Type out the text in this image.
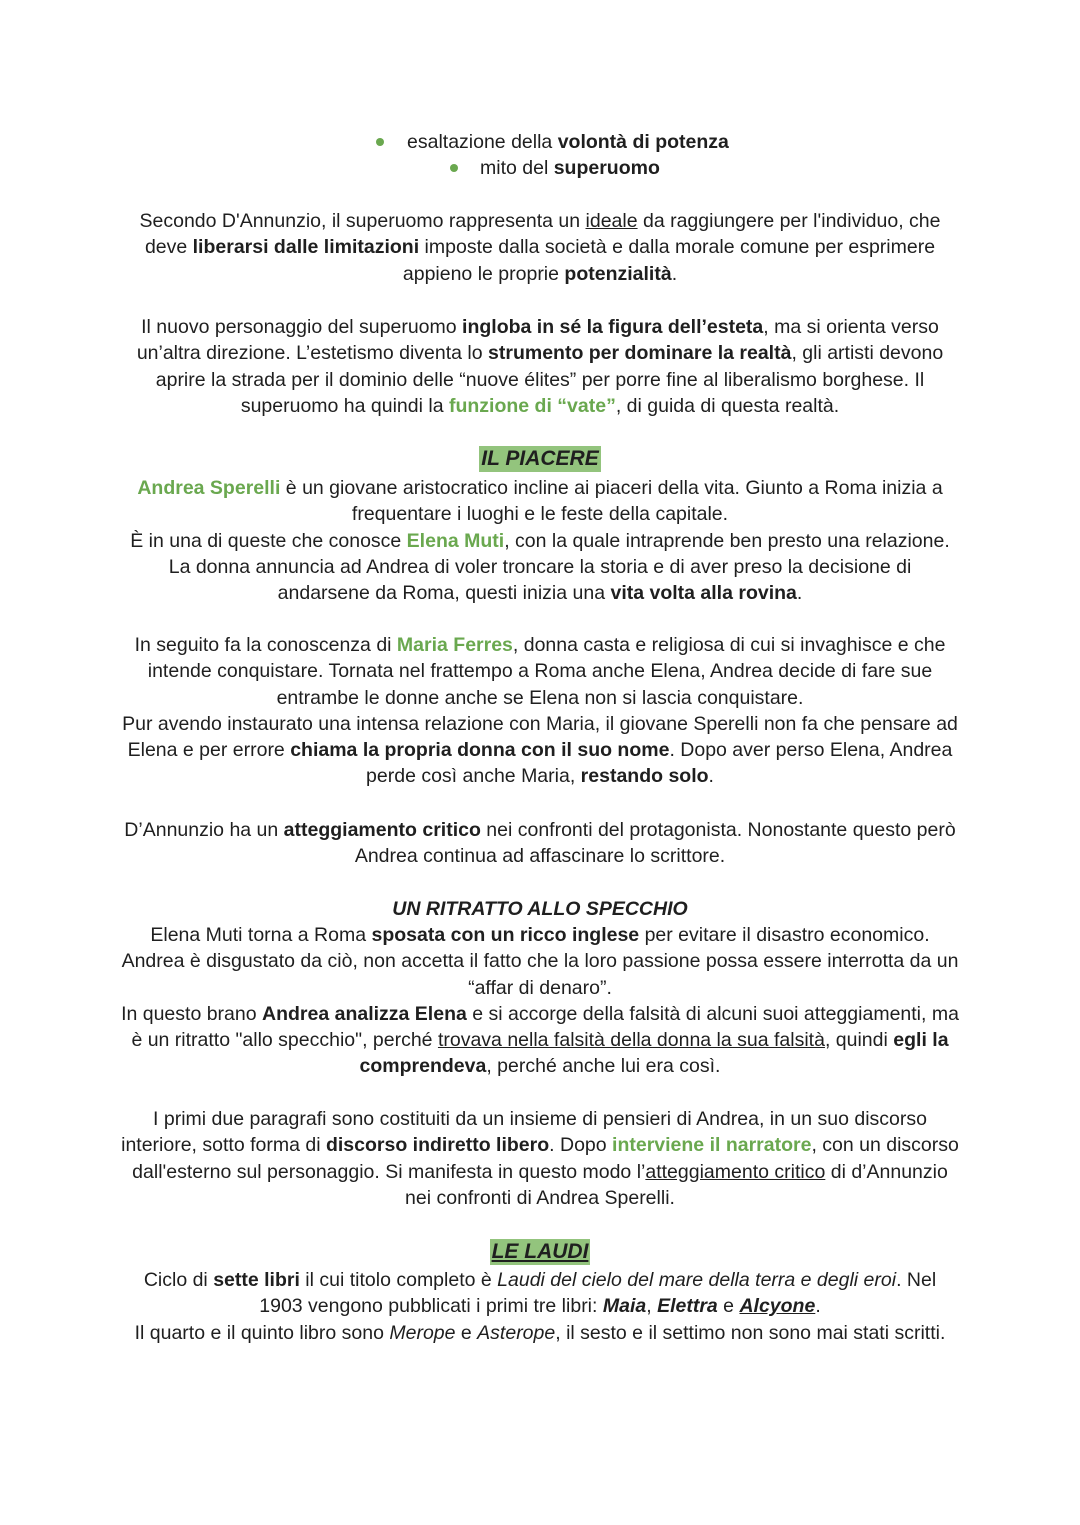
esaltazione della volontà di potenza
mito del superuomo

Secondo D'Annunzio, il superuomo rappresenta un ideale da raggiungere per l'individuo, che deve liberarsi dalle limitazioni imposte dalla società e dalla morale comune per esprimere appieno le proprie potenzialità.

Il nuovo personaggio del superuomo ingloba in sé la figura dell’esteta, ma si orienta verso un’altra direzione. L’estetismo diventa lo strumento per dominare la realtà, gli artisti devono aprire la strada per il dominio delle “nuove élites” per porre fine al liberalismo borghese. Il superuomo ha quindi la funzione di “vate”, di guida di questa realtà.

IL PIACERE

Andrea Sperelli è un giovane aristocratico incline ai piaceri della vita. Giunto a Roma inizia a frequentare i luoghi e le feste della capitale.
È in una di queste che conosce Elena Muti, con la quale intraprende ben presto una relazione. La donna annuncia ad Andrea di voler troncare la storia e di aver preso la decisione di andarsene da Roma, questi inizia una vita volta alla rovina.

In seguito fa la conoscenza di Maria Ferres, donna casta e religiosa di cui si invaghisce e che intende conquistare. Tornata nel frattempo a Roma anche Elena, Andrea decide di fare sue entrambe le donne anche se Elena non si lascia conquistare.
Pur avendo instaurato una intensa relazione con Maria, il giovane Sperelli non fa che pensare ad Elena e per errore chiama la propria donna con il suo nome. Dopo aver perso Elena, Andrea perde così anche Maria, restando solo.

D’Annunzio ha un atteggiamento critico nei confronti del protagonista. Nonostante questo però Andrea continua ad affascinare lo scrittore.

UN RITRATTO ALLO SPECCHIO

Elena Muti torna a Roma sposata con un ricco inglese per evitare il disastro economico. Andrea è disgustato da ciò, non accetta il fatto che la loro passione possa essere interrotta da un “affar di denaro”.
In questo brano Andrea analizza Elena e si accorge della falsità di alcuni suoi atteggiamenti, ma è un ritratto "allo specchio", perché trovava nella falsità della donna la sua falsità, quindi egli la comprendeva, perché anche lui era così.

I primi due paragrafi sono costituiti da un insieme di pensieri di Andrea, in un suo discorso interiore, sotto forma di discorso indiretto libero. Dopo interviene il narratore, con un discorso dall'esterno sul personaggio. Si manifesta in questo modo l’atteggiamento critico di d’Annunzio nei confronti di Andrea Sperelli.

LE LAUDI

Ciclo di sette libri il cui titolo completo è Laudi del cielo del mare della terra e degli eroi. Nel 1903 vengono pubblicati i primi tre libri: Maia, Elettra e Alcyone.
Il quarto e il quinto libro sono Merope e Asterope, il sesto e il settimo non sono mai stati scritti.
